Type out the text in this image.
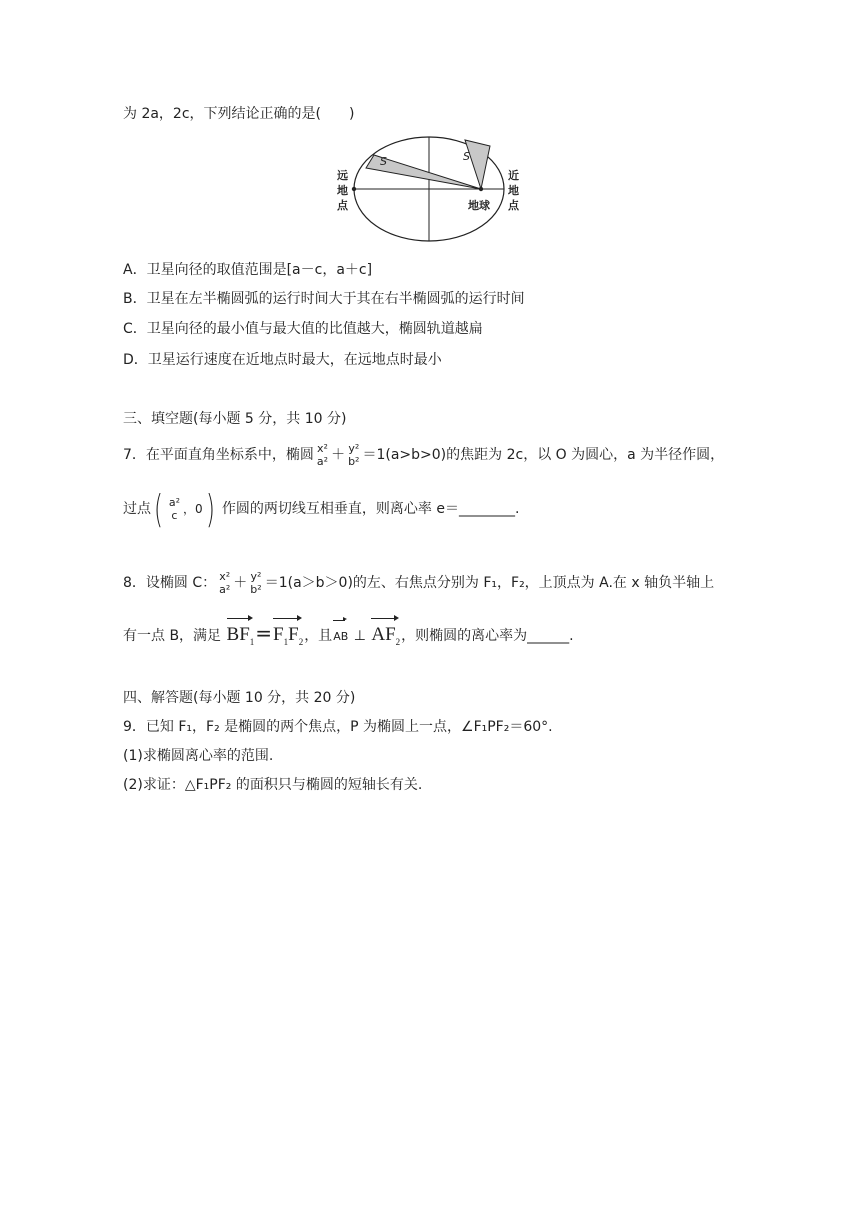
为 2a，2c，下列结论正确的是(　　)
S	S
远
地
点
近
地
点
地球
A．卫星向径的取值范围是[a－c，a＋c]
B．卫星在左半椭圆弧的运行时间大于其在右半椭圆弧的运行时间
C．卫星向径的最小值与最大值的比值越大，椭圆轨道越扁
D．卫星运行速度在近地点时最大，在远地点时最小
三、填空题(每小题 5 分，共 10 分)
7．在平面直角坐标系中，椭圆 x²
a² ＋ y²
b² ＝1(a>b>0)的焦距为 2c，以 O 为圆心，a 为半径作圆，
过点 ( a²
c ，0 ) 作圆的两切线互相垂直，则离心率 e＝________.
8．设椭圆 C： x²
a² ＋ y²
b² ＝1(a＞b＞0)的左、右焦点分别为 F₁，F₂，上顶点为 A.在 x 轴负半轴上
有一点 B，满足 $BF_1=F_1F_2$，且AB ⊥ $AF_2$，则椭圆的离心率为______.
四、解答题(每小题 10 分，共 20 分)
9．已知 F₁，F₂ 是椭圆的两个焦点，P 为椭圆上一点，∠F₁PF₂＝60°.
(1)求椭圆离心率的范围.
(2)求证：△F₁PF₂ 的面积只与椭圆的短轴长有关.
